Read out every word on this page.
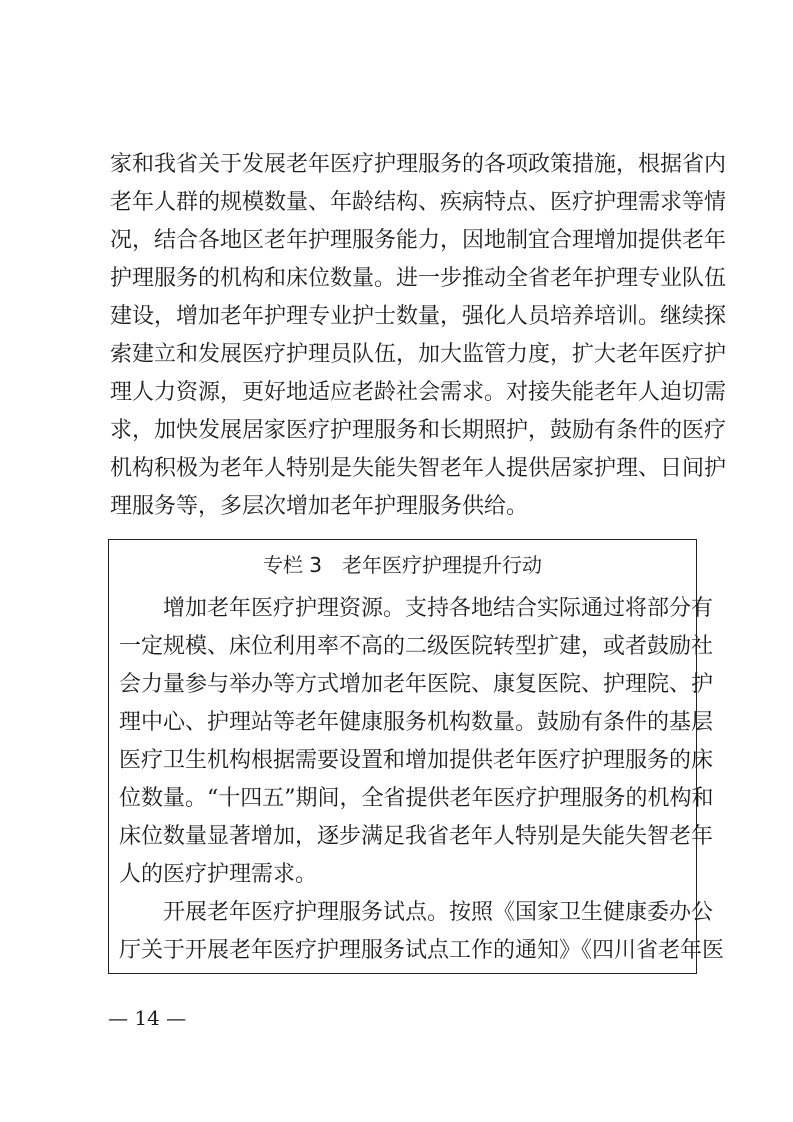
家和我省关于发展老年医疗护理服务的各项政策措施，根据省内
老年人群的规模数量、年龄结构、疾病特点、医疗护理需求等情
况，结合各地区老年护理服务能力，因地制宜合理增加提供老年
护理服务的机构和床位数量。进一步推动全省老年护理专业队伍
建设，增加老年护理专业护士数量，强化人员培养培训。继续探
索建立和发展医疗护理员队伍，加大监管力度，扩大老年医疗护
理人力资源，更好地适应老龄社会需求。对接失能老年人迫切需
求，加快发展居家医疗护理服务和长期照护，鼓励有条件的医疗
机构积极为老年人特别是失能失智老年人提供居家护理、日间护
理服务等，多层次增加老年护理服务供给。
专栏 3　老年医疗护理提升行动
　　增加老年医疗护理资源。支持各地结合实际通过将部分有
一定规模、床位利用率不高的二级医院转型扩建，或者鼓励社
会力量参与举办等方式增加老年医院、康复医院、护理院、护
理中心、护理站等老年健康服务机构数量。鼓励有条件的基层
医疗卫生机构根据需要设置和增加提供老年医疗护理服务的床
位数量。“十四五”期间，全省提供老年医疗护理服务的机构和
床位数量显著增加，逐步满足我省老年人特别是失能失智老年
人的医疗护理需求。
　　开展老年医疗护理服务试点。按照《国家卫生健康委办公
厅关于开展老年医疗护理服务试点工作的通知》《四川省老年医
— 14 —
